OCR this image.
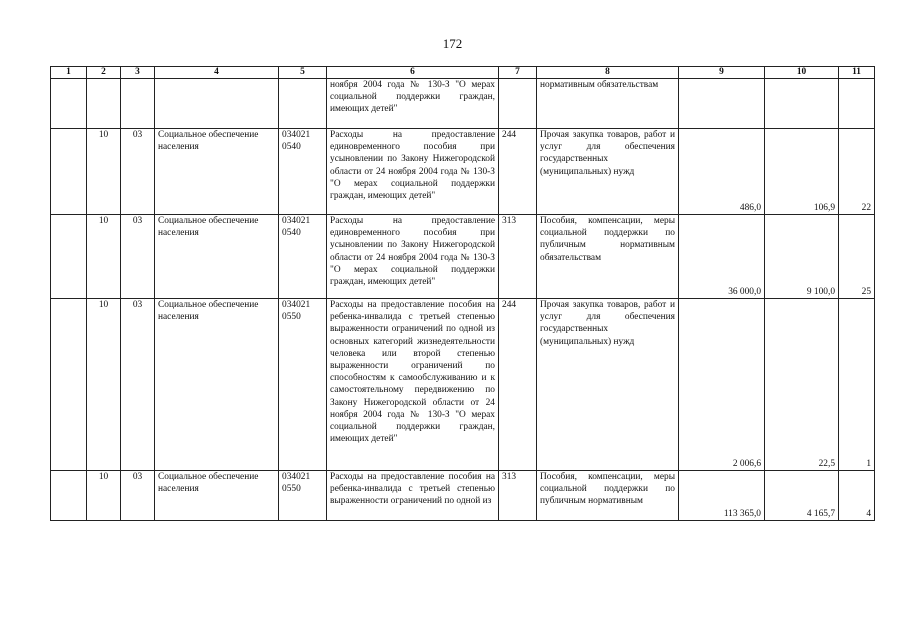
172
1	2	3	4	5	6	7	8	9	10	11
					ноября 2004 года № 130-З "О мерах социальной поддержки граждан, имеющих детей"		нормативным обязательствам			
	10	03	Социальное обеспечение населения	034021 0540	Расходы на предоставление единовременного пособия при усыновлении по Закону Нижегородской области от 24 ноября 2004 года № 130-З "О мерах социальной поддержки граждан, имеющих детей"	244	Прочая закупка товаров, работ и услуг для обеспечения государственных (муниципальных) нужд	486,0	106,9	22
	10	03	Социальное обеспечение населения	034021 0540	Расходы на предоставление единовременного пособия при усыновлении по Закону Нижегородской области от 24 ноября 2004 года № 130-З "О мерах социальной поддержки граждан, имеющих детей"	313	Пособия, компенсации, меры социальной поддержки по публичным нормативным обязательствам	36 000,0	9 100,0	25
	10	03	Социальное обеспечение населения	034021 0550	Расходы на предоставление пособия на ребенка-инвалида с третьей степенью выраженности ограничений по одной из основных категорий жизнедеятельности человека или второй степенью выраженности ограничений по способностям к самообслуживанию и к самостоятельному передвижению по Закону Нижегородской области от 24 ноября 2004 года № 130-З "О мерах социальной поддержки граждан, имеющих детей"	244	Прочая закупка товаров, работ и услуг для обеспечения государственных (муниципальных) нужд	2 006,6	22,5	1
	10	03	Социальное обеспечение населения	034021 0550	Расходы на предоставление пособия на ребенка-инвалида с третьей степенью выраженности ограничений по одной из	313	Пособия, компенсации, меры социальной поддержки по публичным нормативным	113 365,0	4 165,7	4
